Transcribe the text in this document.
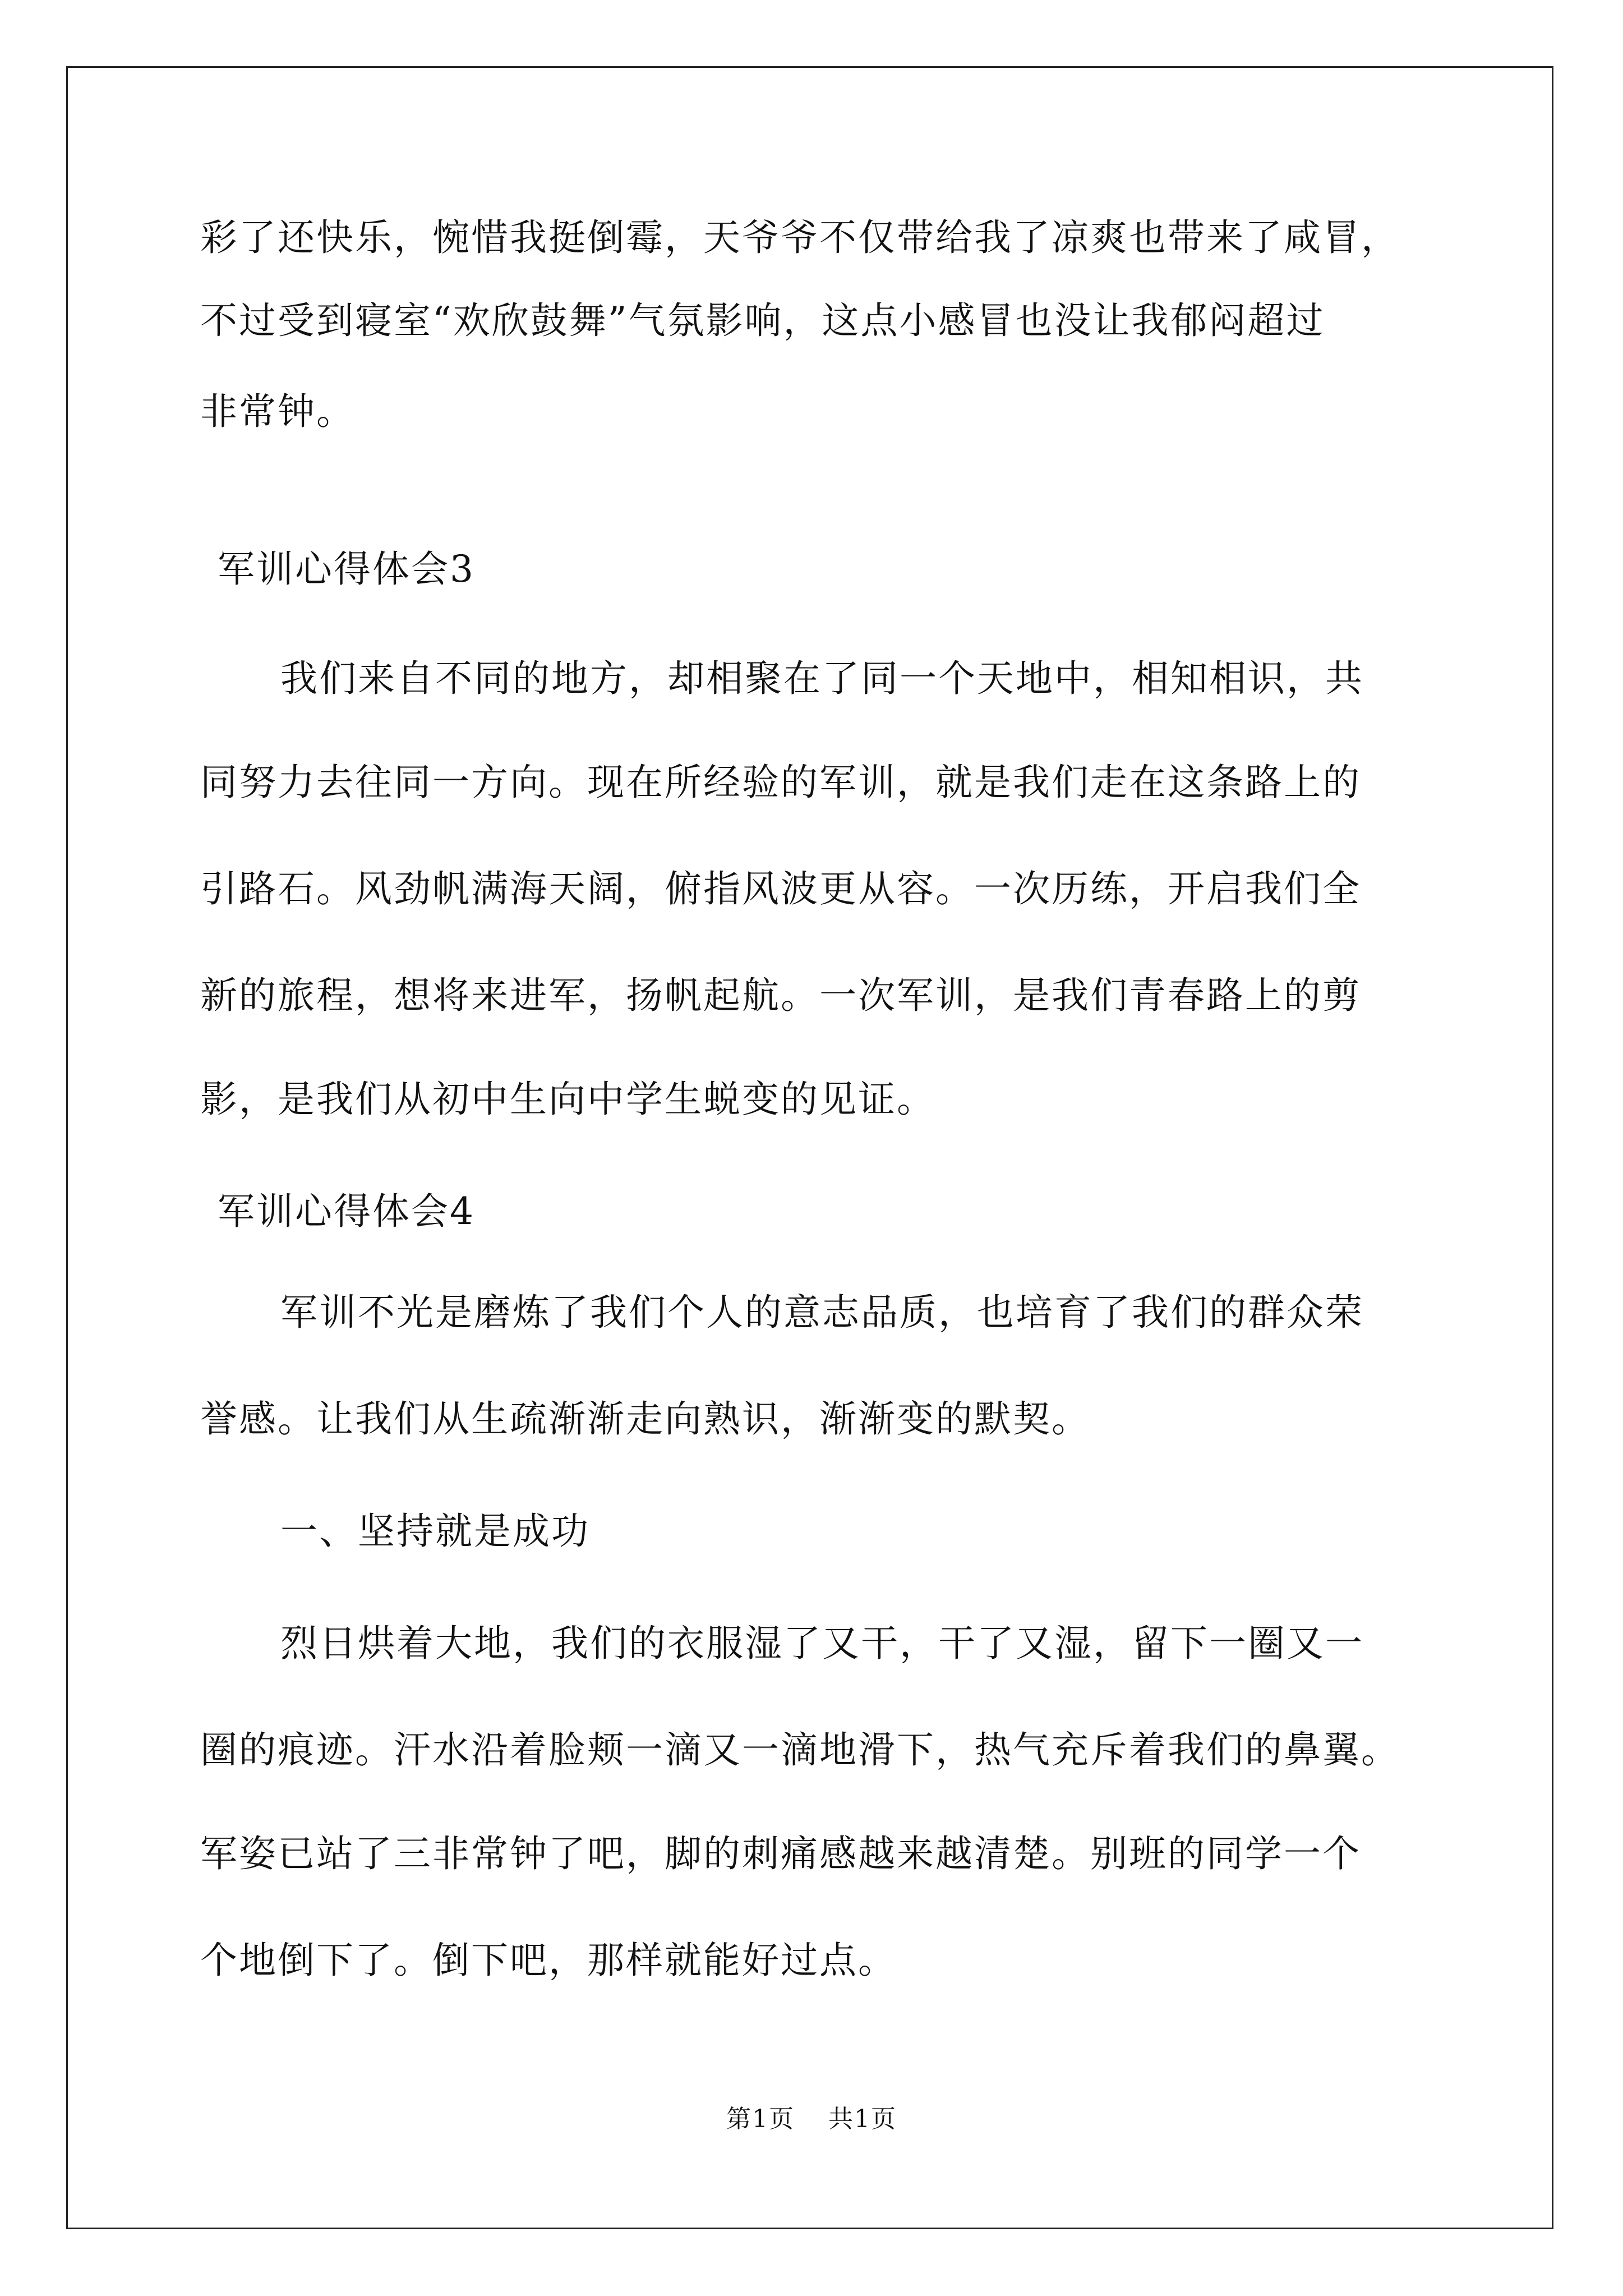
彩了还快乐，惋惜我挺倒霉，天爷爷不仅带给我了凉爽也带来了咸冒，
不过受到寝室“欢欣鼓舞”气氛影响，这点小感冒也没让我郁闷超过
非常钟。
军训心得体会3
我们来自不同的地方，却相聚在了同一个天地中，相知相识，共
同努力去往同一方向。现在所经验的军训，就是我们走在这条路上的
引路石。风劲帆满海天阔，俯指风波更从容。一次历练，开启我们全
新的旅程，想将来进军，扬帆起航。一次军训，是我们青春路上的剪
影，是我们从初中生向中学生蜕变的见证。
军训心得体会4
军训不光是磨炼了我们个人的意志品质，也培育了我们的群众荣
誉感。让我们从生疏渐渐走向熟识，渐渐变的默契。
一、坚持就是成功
烈日烘着大地，我们的衣服湿了又干，干了又湿，留下一圈又一
圈的痕迹。汗水沿着脸颊一滴又一滴地滑下，热气充斥着我们的鼻翼。
军姿已站了三非常钟了吧，脚的刺痛感越来越清楚。别班的同学一个
个地倒下了。倒下吧，那样就能好过点。
第1页 共1页
